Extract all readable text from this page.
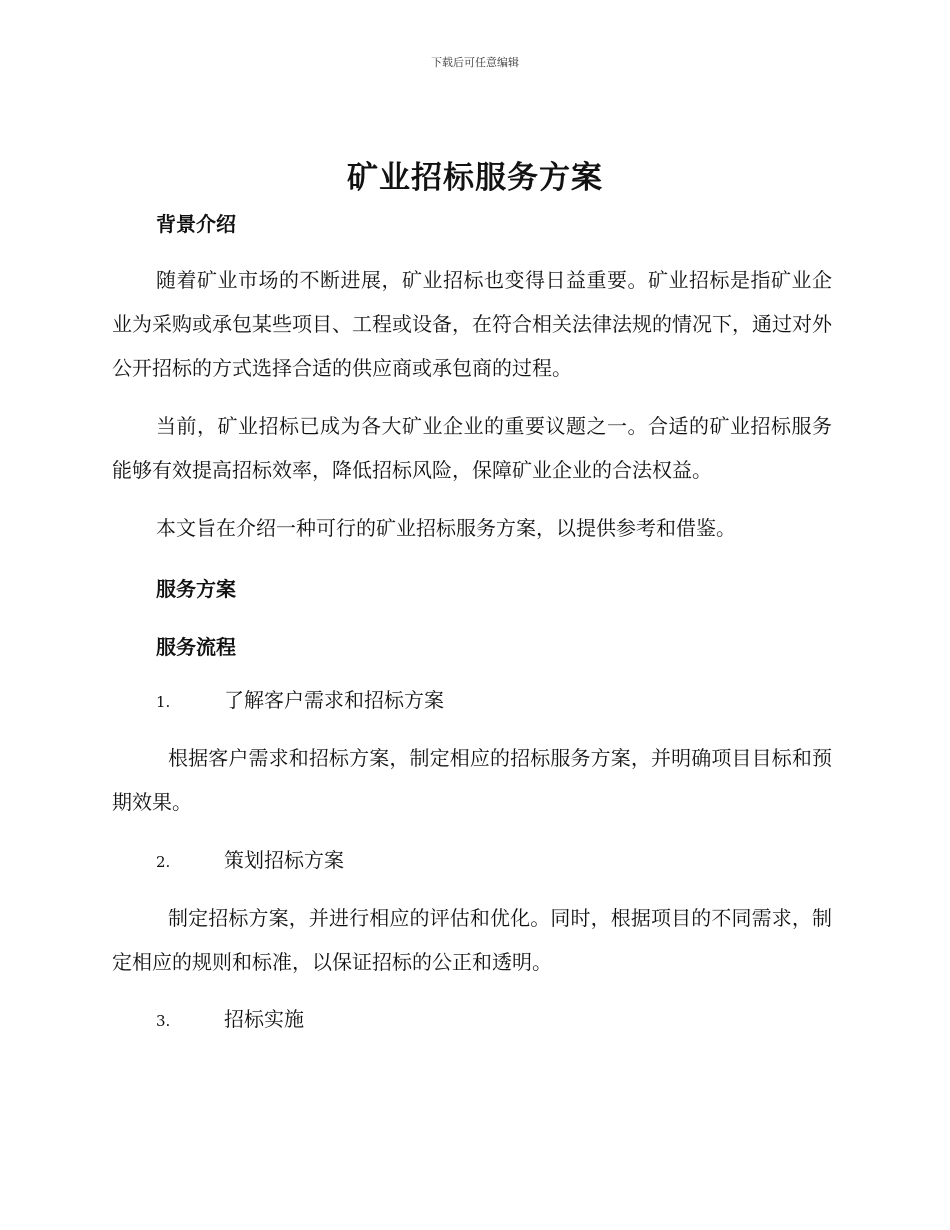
下载后可任意编辑
矿业招标服务方案
背景介绍
随着矿业市场的不断进展，矿业招标也变得日益重要。矿业招标是指矿业企业为采购或承包某些项目、工程或设备，在符合相关法律法规的情况下，通过对外公开招标的方式选择合适的供应商或承包商的过程。
当前，矿业招标已成为各大矿业企业的重要议题之一。合适的矿业招标服务能够有效提高招标效率，降低招标风险，保障矿业企业的合法权益。
本文旨在介绍一种可行的矿业招标服务方案，以提供参考和借鉴。
服务方案
服务流程
1.	了解客户需求和招标方案
根据客户需求和招标方案，制定相应的招标服务方案，并明确项目目标和预期效果。
2.	策划招标方案
制定招标方案，并进行相应的评估和优化。同时，根据项目的不同需求，制定相应的规则和标准，以保证招标的公正和透明。
3.	招标实施
